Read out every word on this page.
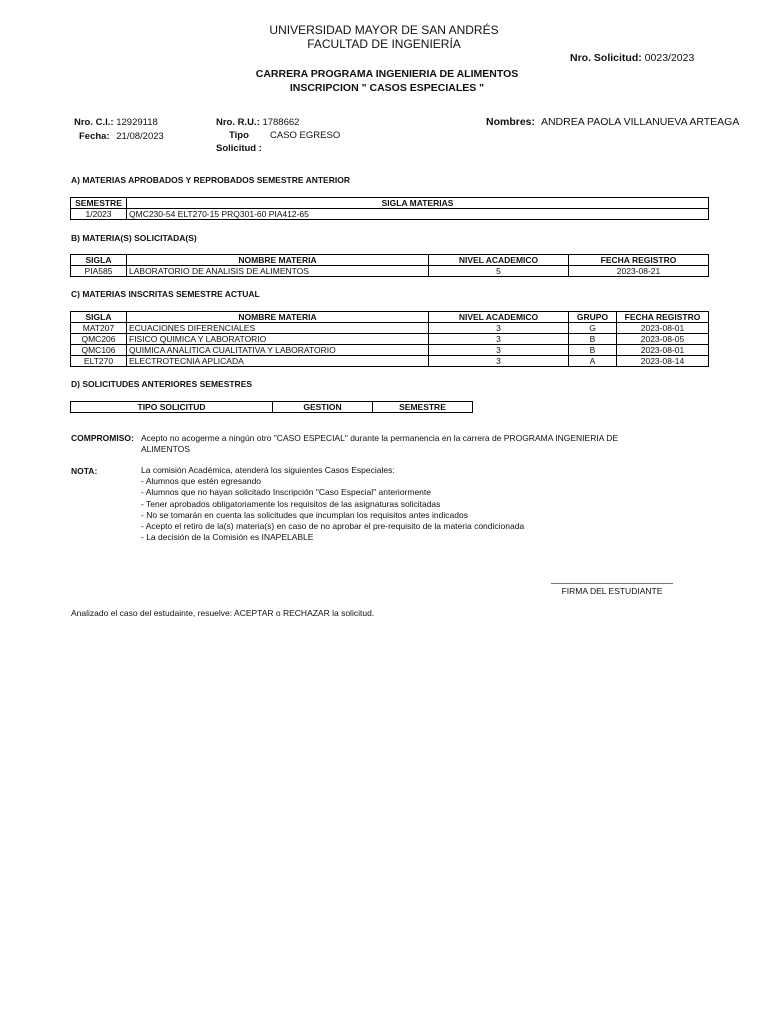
UNIVERSIDAD MAYOR DE SAN ANDRÉS
FACULTAD DE INGENIERÍA
Nro. Solicitud: 0023/2023
CARRERA PROGRAMA INGENIERIA DE ALIMENTOS
INSCRIPCION " CASOS ESPECIALES "
Nro. C.I.: 12929118
Fecha: 21/08/2023
Nro. R.U.: 1788662
Tipo
Solicitud :
CASO EGRESO
Nombres: ANDREA PAOLA VILLANUEVA ARTEAGA
A) MATERIAS APROBADOS Y REPROBADOS SEMESTRE ANTERIOR
SEMESTRE	SIGLA MATERIAS
1/2023	QMC230-54 ELT270-15 PRQ301-60 PIA412-65
B) MATERIA(S) SOLICITADA(S)
SIGLA	NOMBRE MATERIA	NIVEL ACADEMICO	FECHA REGISTRO
PIA585	LABORATORIO DE ANALISIS DE ALIMENTOS	5	2023-08-21
C) MATERIAS INSCRITAS SEMESTRE ACTUAL
SIGLA	NOMBRE MATERIA	NIVEL ACADEMICO	GRUPO	FECHA REGISTRO
MAT207	ECUACIONES DIFERENCIALES	3	G	2023-08-01
QMC206	FISICO QUIMICA Y LABORATORIO	3	B	2023-08-05
QMC106	QUIMICA ANALITICA CUALITATIVA Y LABORATORIO	3	B	2023-08-01
ELT270	ELECTROTECNIA APLICADA	3	A	2023-08-14
D) SOLICITUDES ANTERIORES SEMESTRES
TIPO SOLICITUD	GESTION	SEMESTRE
COMPROMISO: Acepto no acogerme a ningún otro "CASO ESPECIAL" durante la permanencia en la carrera de PROGRAMA INGENIERIA DE
ALIMENTOS
NOTA:	La comisión Académica, atenderá los siguientes Casos Especiales:
- Alumnos que estén egresando
- Alumnos que no hayan solicitado Inscripción "Caso Especial" anteriormente
- Tener aprobados obligatoriamente los requisitos de las asignaturas solicitadas
- No se tomarán en cuenta las solicitudes que incumplan los requisitos antes indicados
- Acepto el retiro de la(s) materia(s) en caso de no aprobar el pre-requisito de la materia condicionada
- La decisión de la Comisión es INAPELABLE
FIRMA DEL ESTUDIANTE
Analizado el caso del estudainte, resuelve: ACEPTAR o RECHAZAR la solicitud.
